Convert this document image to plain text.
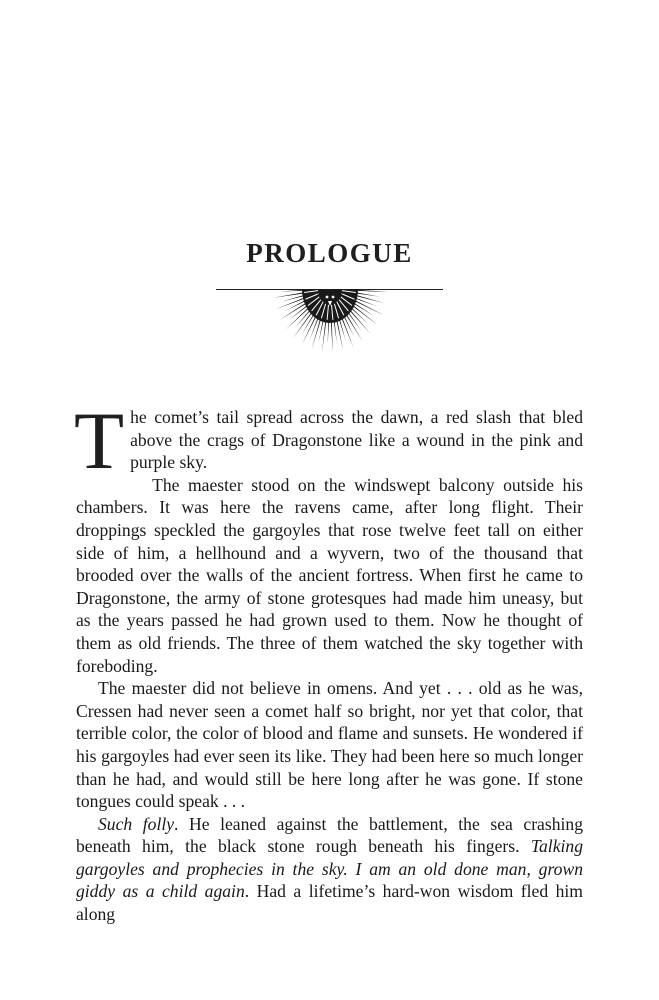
PROLOGUE

The comet’s tail spread across the dawn, a red slash that bled above the crags of Dragonstone like a wound in the pink and purple sky.

The maester stood on the windswept balcony outside his chambers. It was here the ravens came, after long flight. Their droppings speckled the gargoyles that rose twelve feet tall on either side of him, a hellhound and a wyvern, two of the thousand that brooded over the walls of the ancient fortress. When first he came to Dragonstone, the army of stone grotesques had made him uneasy, but as the years passed he had grown used to them. Now he thought of them as old friends. The three of them watched the sky together with foreboding.

The maester did not believe in omens. And yet . . . old as he was, Cressen had never seen a comet half so bright, nor yet that color, that terrible color, the color of blood and flame and sunsets. He wondered if his gargoyles had ever seen its like. They had been here so much longer than he had, and would still be here long after he was gone. If stone tongues could speak . . .

Such folly. He leaned against the battlement, the sea crashing beneath him, the black stone rough beneath his fingers. Talking gargoyles and prophecies in the sky. I am an old done man, grown giddy as a child again. Had a lifetime’s hard-won wisdom fled him along
